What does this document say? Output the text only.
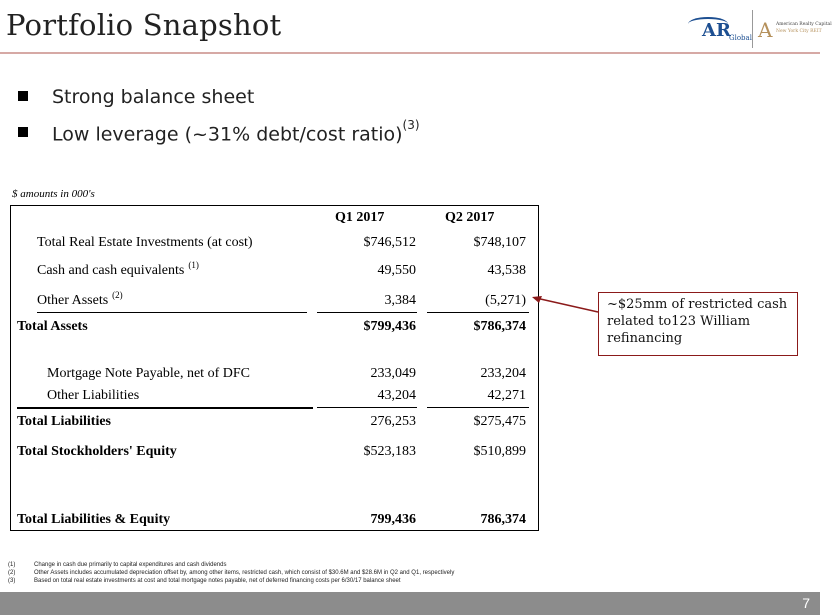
Portfolio Snapshot	AR
Global A American Realty Capital
New York City REIT
Strong balance sheet
Low leverage (~31% debt/cost ratio)$^{(3)}$
$ amounts in 000's
Q1 2017	Q2 2017
Total Real Estate Investments (at cost)	$746,512	$748,107
Cash and cash equivalents $^{(1)}$	49,550	43,538
Other Assets $^{(2)}$	3,384	(5,271)
Total Assets	$799,436	$786,374
Mortgage Note Payable, net of DFC	233,049	233,204
Other Liabilities	43,204	42,271
Total Liabilities	276,253	$275,475
Total Stockholders' Equity	$523,183	$510,899
Total Liabilities & Equity	799,436	786,374
~$25mm of restricted cash related to123 William refinancing
(1)	Change in cash due primarily to capital expenditures and cash dividends
(2)	Other Assets includes accumulated depreciation offset by, among other items, restricted cash, which consist of $30.6M and $28.6M in Q2 and Q1, respectively
(3)	Based on total real estate investments at cost and total mortgage notes payable, net of deferred financing costs per 6/30/17 balance sheet
7
